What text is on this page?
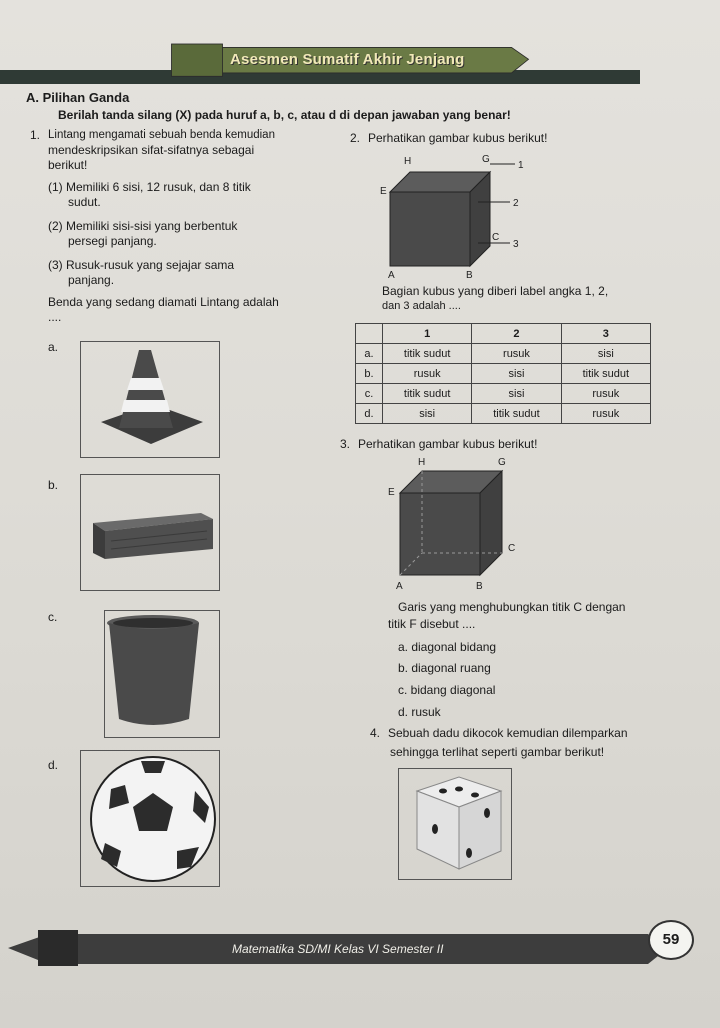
Asesmen Sumatif Akhir Jenjang
A. Pilihan Ganda
Berilah tanda silang (X) pada huruf a, b, c, atau d di depan jawaban yang benar!
1. Lintang mengamati sebuah benda kemudian
mendeskripsikan sifat-sifatnya sebagai
berikut!
(1) Memiliki 6 sisi, 12 rusuk, dan 8 titik
sudut.
(2) Memiliki sisi-sisi yang berbentuk
persegi panjang.
(3) Rusuk-rusuk yang sejajar sama
panjang.
Benda yang sedang diamati Lintang adalah
....
a.
b.
c.
d.
2. Perhatikan gambar kubus berikut!
H	G
E
A	B
C
1
2
3
Bagian kubus yang diberi label angka 1, 2,
dan 3 adalah ....
	1	2	3
a.	titik sudut	rusuk	sisi
b.	rusuk	sisi	titik sudut
c.	titik sudut	sisi	rusuk
d.	sisi	titik sudut	rusuk
3. Perhatikan gambar kubus berikut!
H	G
E
A	B
C
Garis yang menghubungkan titik C dengan
titik F disebut ....
a. diagonal bidang
b. diagonal ruang
c. bidang diagonal
d. rusuk
4. Sebuah dadu dikocok kemudian dilemparkan
sehingga terlihat seperti gambar berikut!
Matematika SD/MI Kelas VI Semester II
59
